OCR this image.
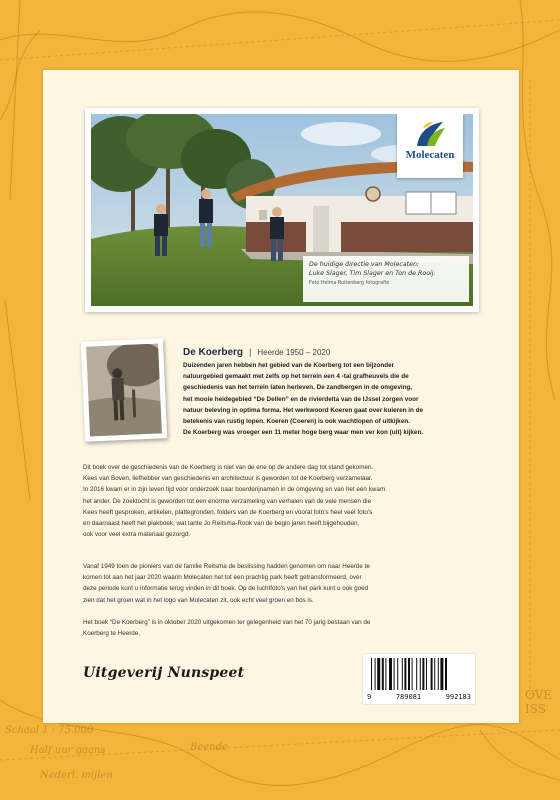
Schaal 1 : 75.000
Half uur gaans	Beende
Nederl. mijlen
OVE
ISS
Molecaten
De huidige directie van Molecaten:
Luke Slager, Tim Slager en Ton de Rooij.
Foto Helma Ruitenberg fotografie
De Koerberg | Heerde 1950 – 2020
Duizenden jaren hebben het gebied van de Koerberg tot een bijzonder
natuurgebied gemaakt met zelfs op het terrein een 4 -tal grafheuvels die de
geschiedenis van het terrein laten herleven. De zandbergen in de omgeving,
het mooie heidegebied “De Dellen” en de rivierdelta van de IJssel zorgen voor
natuur beleving in optima forma. Het werkwoord Koeren gaat over kuieren in de
betekenis van rustig lopen. Koeren (Coeren) is ook wachtlopen of uitkijken.
De Koerberg was vroeger een 11 meter hoge berg waar men ver kon (uit) kijken.

Dit boek over de geschiedenis van de Koerberg is niet van de ene op de andere dag tot stand gekomen.

Kees van Boven, liefhebber van geschiedenis en architectuur is geworden tot de Koerberg verzamelaar.

In 2016 kwam er in zijn leven tijd voor onderzoek naar boerderijnamen in de omgeving en van het een kwam

het ander. De zoektocht is geworden tot een enorme verzameling van verhalen van de vele mensen die

Kees heeft gesproken, artikelen, plattegronden, folders van de Koerberg en vooral foto’s heel veel foto’s

en daarnaast heeft het plakboek, wat tante Jo Reitsma-Rook van de begin jaren heeft bijgehouden,

ook voor veel extra materiaal gezorgd.

Vanaf 1949 toen de pioniers van de familie Reitsma de beslissing hadden genomen om naar Heerde te

komen tot aan het jaar 2020 waarin Molecaten het tot een prachtig park heeft getransformeerd, over

deze periode kunt u informatie terug vinden in dit boek. Op de luchtfoto’s van het park kunt u ook goed

zien dat het groen wat in het logo van Molecaten zit, ook echt veel groen en bos is.

Het boek “De Koerberg” is in oktober 2020 uitgekomen ter gelegenheid van het 70 jarig bestaan van de

Koerberg te Heerde.

Uitgeverij Nunspeet
9	789081	992183
